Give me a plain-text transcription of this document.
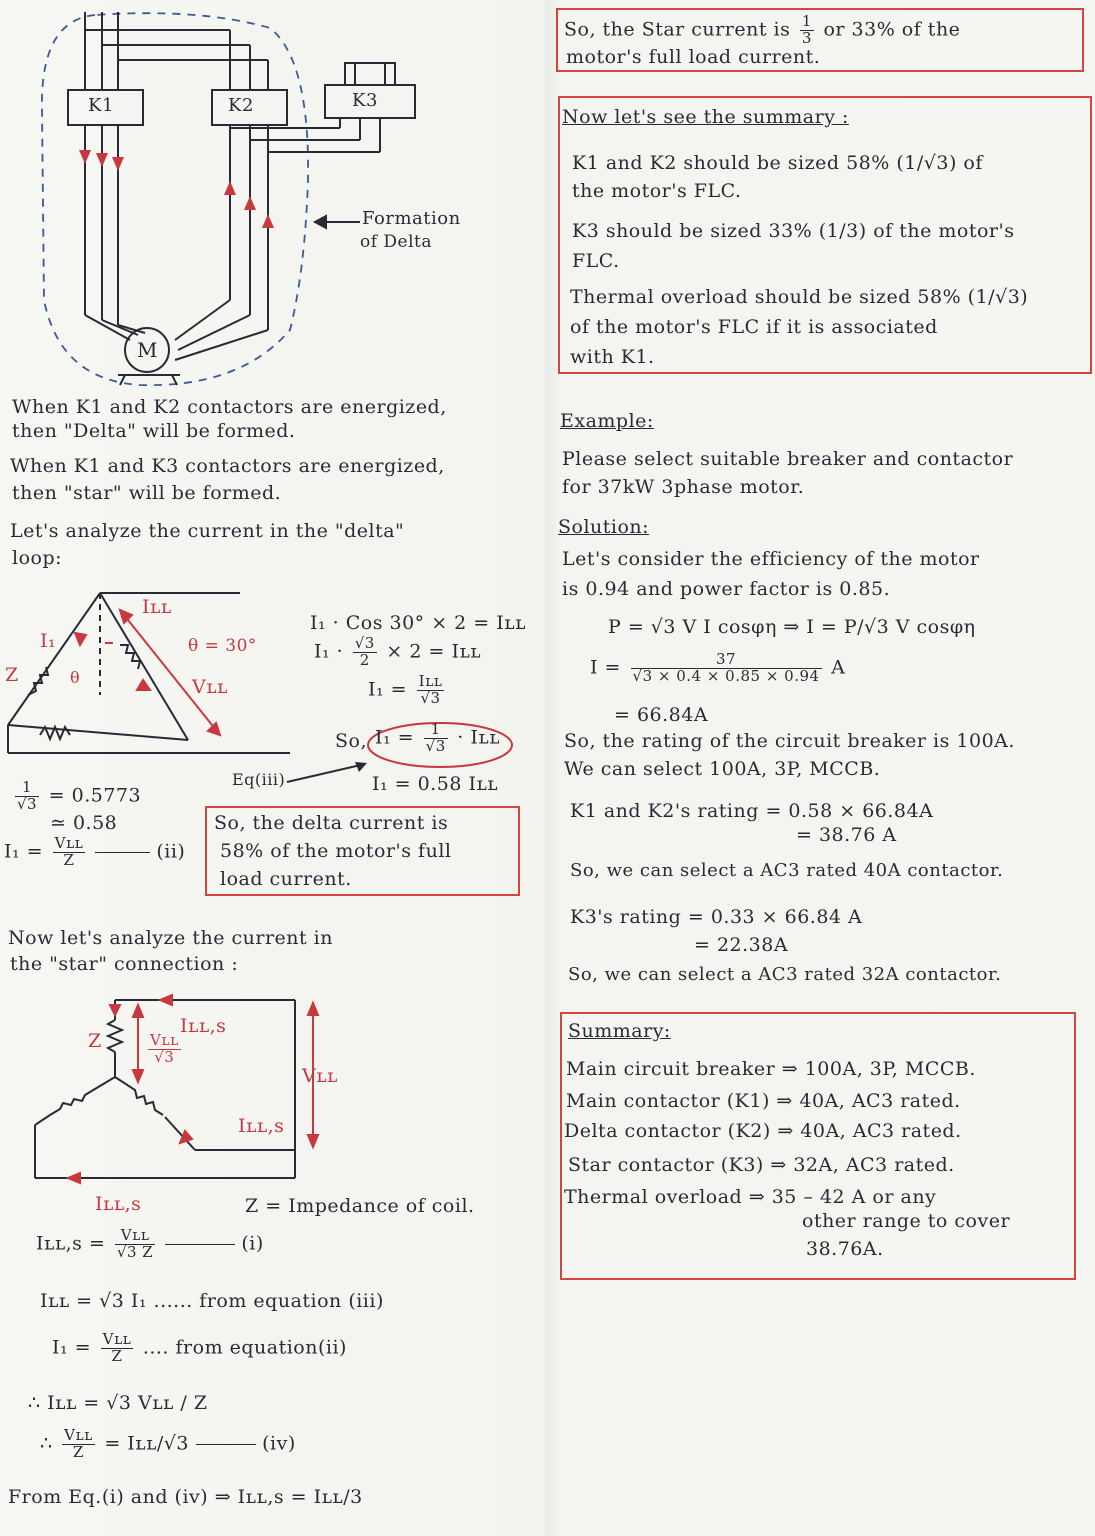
K1	K2	K3
M
Formation
of Delta
When K1 and K2 contactors are energized,
then "Delta" will be formed.
When K1 and K3 contactors are energized,
then "star" will be formed.
Let's analyze the current in the "delta"
loop:
Iʟʟ
I₁
Z	θ
θ = 30°
Vʟʟ
I₁ · Cos 30° × 2 = Iʟʟ
$I_1 \cdot \frac{√3}{2} \times 2$ = Iʟʟ
I₁ = Iʟʟ
√3
So, $I_1 = \frac{1}{√3}$ · Iʟʟ
Eq(iii)	I₁ = 0.58 Iʟʟ
$\frac{1}{√3} = 0.5773$
≃ 0.58
I₁ = Vʟʟ
Z	(ii)
So, the delta current is
58% of the motor's full
load current.
Now let's analyze the current in
the "star" connection :
Z	Vʟʟ
√3
Iʟʟ,s
Vʟʟ
Iʟʟ,s
Iʟʟ,s	Z = Impedance of coil.
Iʟʟ,s =	Vʟʟ
√3 Z	(i)
Iʟʟ = √3 I₁ ...... from equation (iii)
I₁ = Vʟʟ
Z	.... from equation(ii)
∴ Iʟʟ = √3 Vʟʟ / Z
∴ Vʟʟ
Z	= Iʟʟ/√3	(iv)
From Eq.(i) and (iv) ⇒ Iʟʟ,s = Iʟʟ/3
So, the Star current is $\frac{1}{3}$ or 33% of the
motor's full load current.
Now let's see the summary :
K1 and K2 should be sized 58% (1/√3) of
the motor's FLC.
K3 should be sized 33% (1/3) of the motor's
FLC.
Thermal overload should be sized 58% (1/√3)
of the motor's FLC if it is associated
with K1.
Example:
Please select suitable breaker and contactor
for 37kW 3phase motor.
Solution:
Let's consider the efficiency of the motor
is 0.94 and power factor is 0.85.
P = √3 V I cosφη ⇒ I = P/√3 V cosφη
$I = \frac{37}{√3 \times 0.4 \times 0.85 \times 0.94}$ A
= 66.84A
So, the rating of the circuit breaker is 100A.
We can select 100A, 3P, MCCB.
K1 and K2's rating = 0.58 × 66.84A
= 38.76 A
So, we can select a AC3 rated 40A contactor.
K3's rating = 0.33 × 66.84 A
= 22.38A
So, we can select a AC3 rated 32A contactor.
Summary:
Main circuit breaker ⇒ 100A, 3P, MCCB.
Main contactor (K1) ⇒ 40A, AC3 rated.
Delta contactor (K2) ⇒ 40A, AC3 rated.
Star contactor (K3) ⇒ 32A, AC3 rated.
Thermal overload ⇒ 35 – 42 A or any
other range to cover
38.76A.
